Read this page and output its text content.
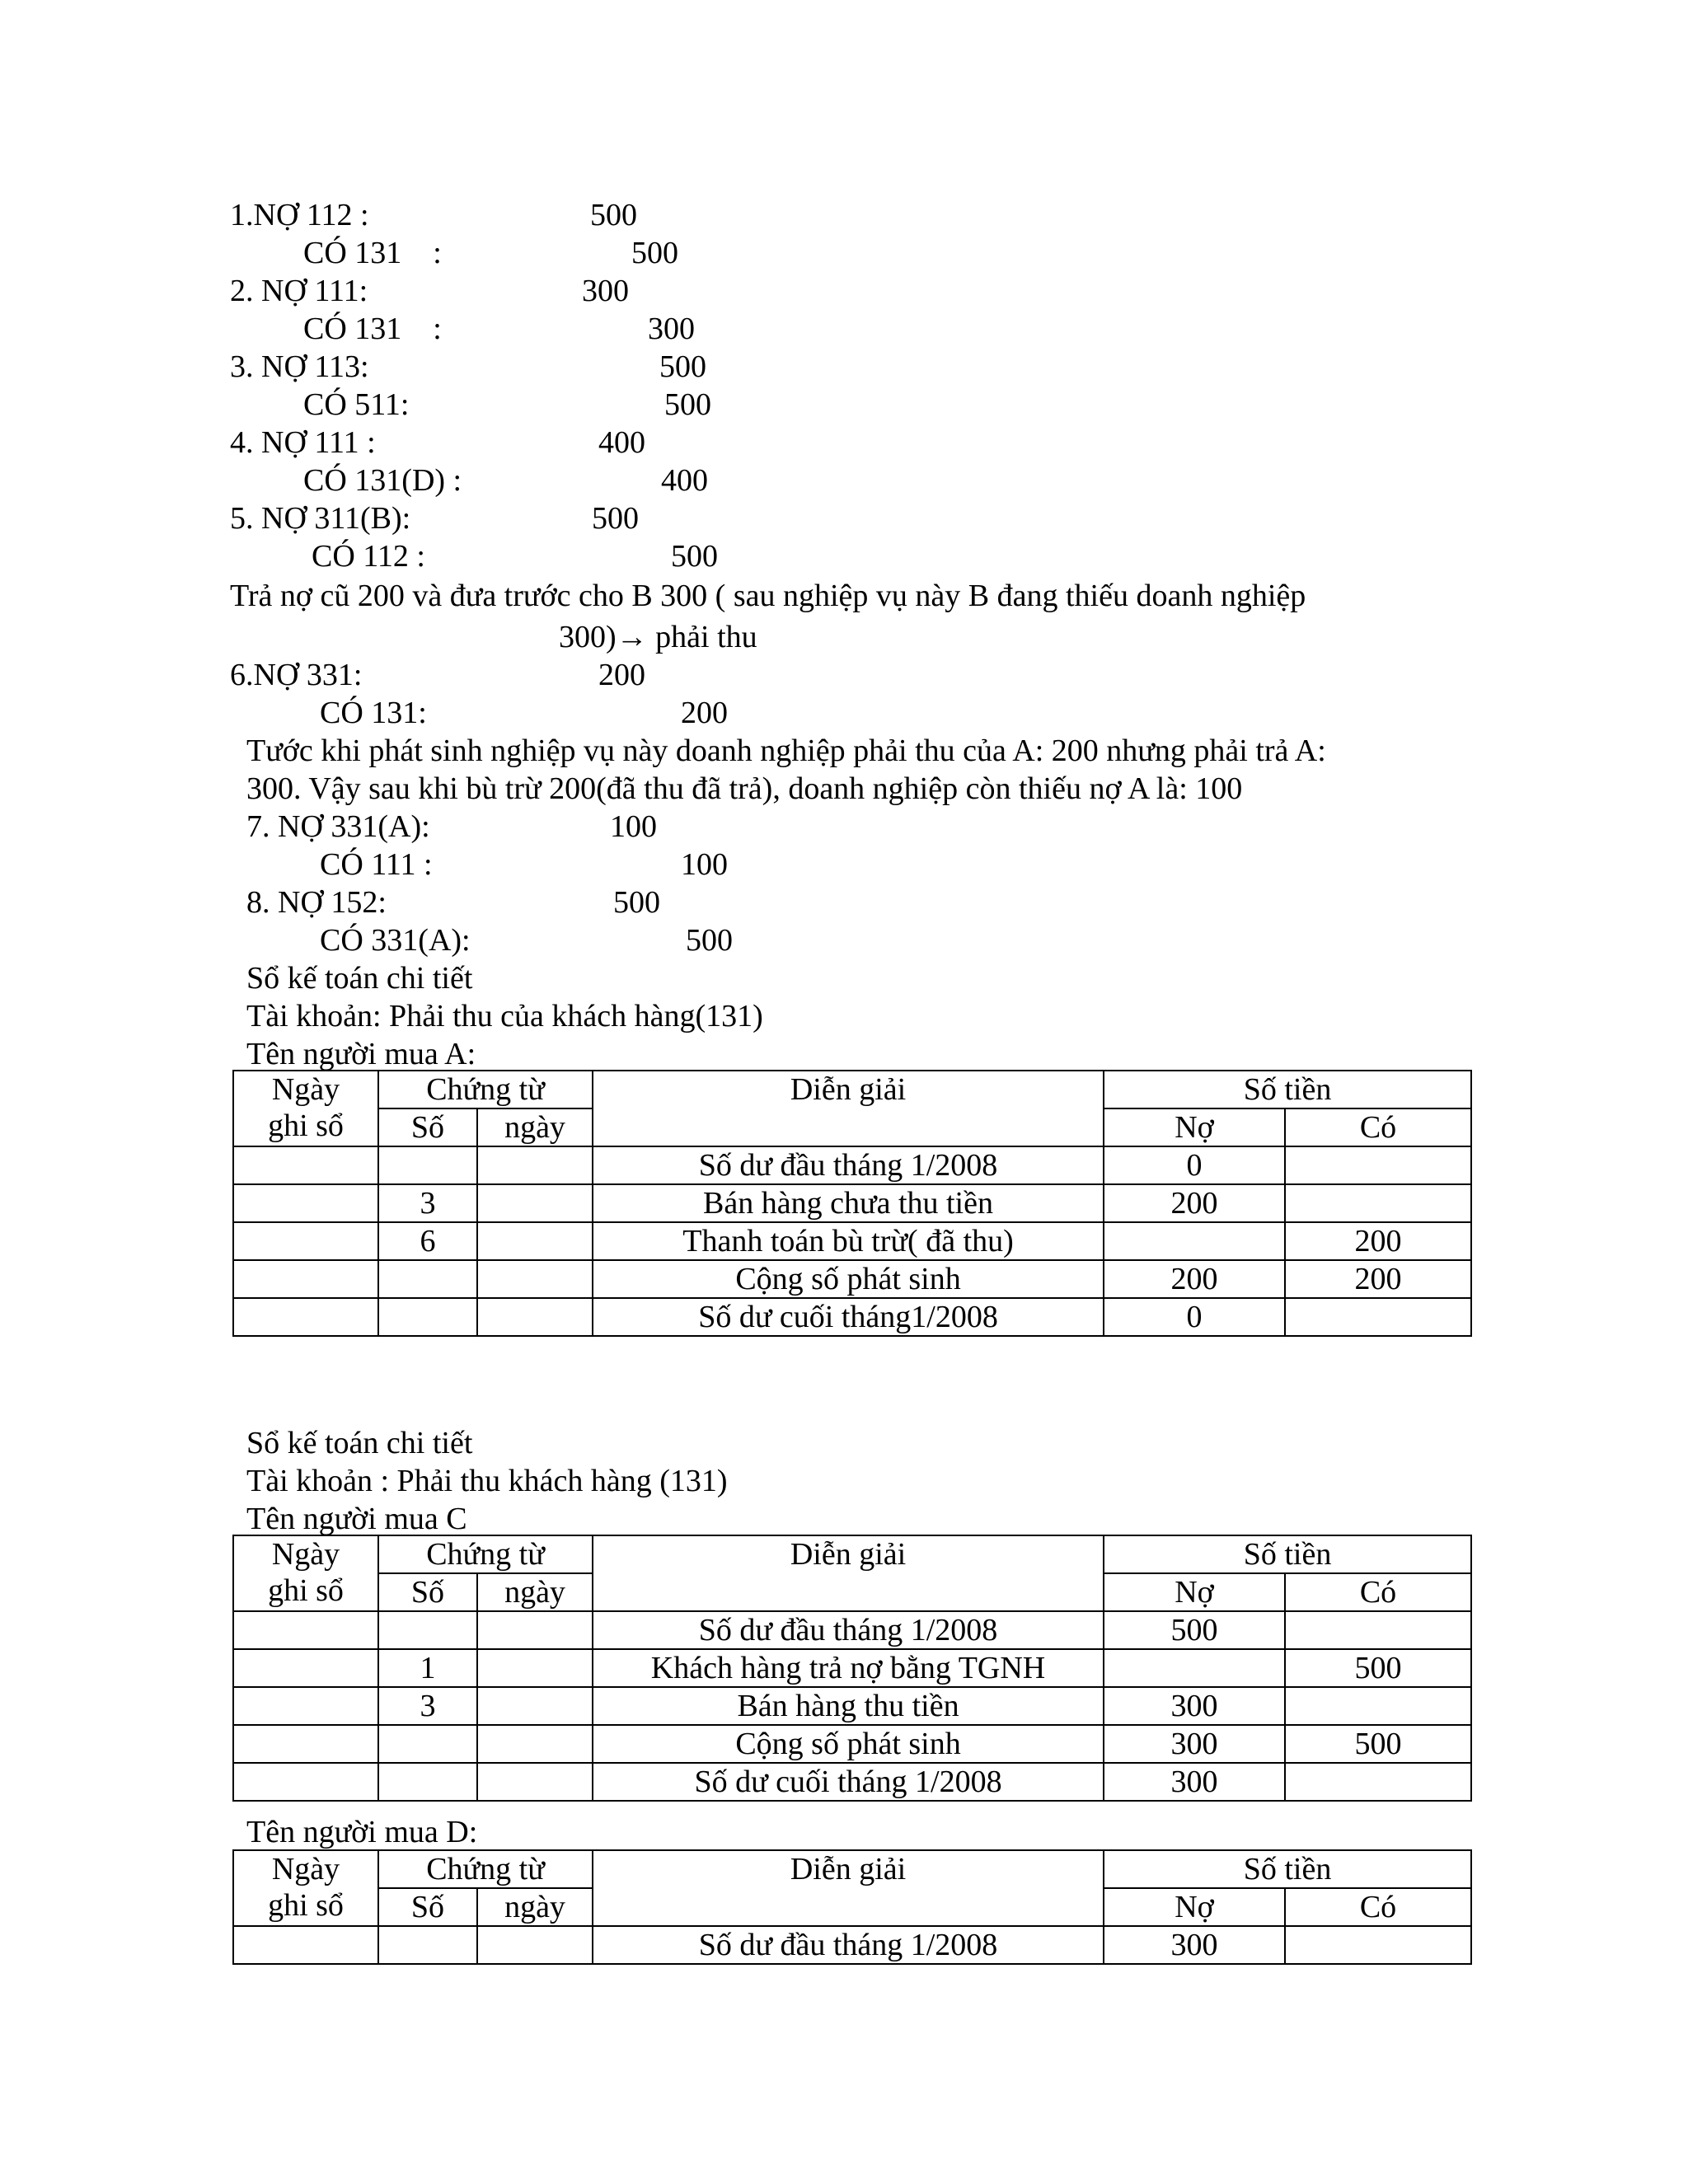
1.NỢ 112 :	500
CÓ 131    :	500
2. NỢ 111:	300
CÓ 131    :	300
3. NỢ 113:	500
CÓ 511:	500
4. NỢ 111 :	400
CÓ 131(D) :	400
5. NỢ 311(B):	500
CÓ 112 :	500
Trả nợ cũ 200 và đưa trước cho B 300 ( sau nghiệp vụ này B đang thiếu doanh nghiệp
300)→ phải thu
6.NỢ 331:	200
CÓ 131:	200
Tước khi phát sinh nghiệp vụ này doanh nghiệp phải thu của A: 200 nhưng phải trả A:
300. Vậy sau khi bù trừ 200(đã thu đã trả), doanh nghiệp còn thiếu nợ A là: 100
7. NỢ 331(A):	100
CÓ 111 :	100
8. NỢ 152:	500
CÓ 331(A):	500
Sổ kế toán chi tiết
Tài khoản: Phải thu của khách hàng(131)
Tên người mua A:
Ngày
ghi sổ	Chứng từ		Diễn giải	Số tiền	
	Số	ngày		Nợ	Có
			Số dư đầu tháng 1/2008	0	
	3		Bán hàng chưa thu tiền	200	
	6		Thanh toán bù trừ( đã thu)		200
			Cộng số phát sinh	200	200
			Số dư cuối tháng1/2008	0	
Sổ kế toán chi tiết
Tài khoản : Phải thu khách hàng (131)
Tên người mua C
Ngày
ghi sổ	Chứng từ		Diễn giải	Số tiền	
	Số	ngày		Nợ	Có
			Số dư đầu tháng 1/2008	500	
	1		Khách hàng trả nợ bằng TGNH		500
	3		Bán hàng thu tiền	300	
			Cộng số phát sinh	300	500
			Số dư cuối tháng 1/2008	300	
Tên người mua D:
Ngày
ghi sổ	Chứng từ		Diễn giải	Số tiền	
	Số	ngày		Nợ	Có
			Số dư đầu tháng 1/2008	300	
